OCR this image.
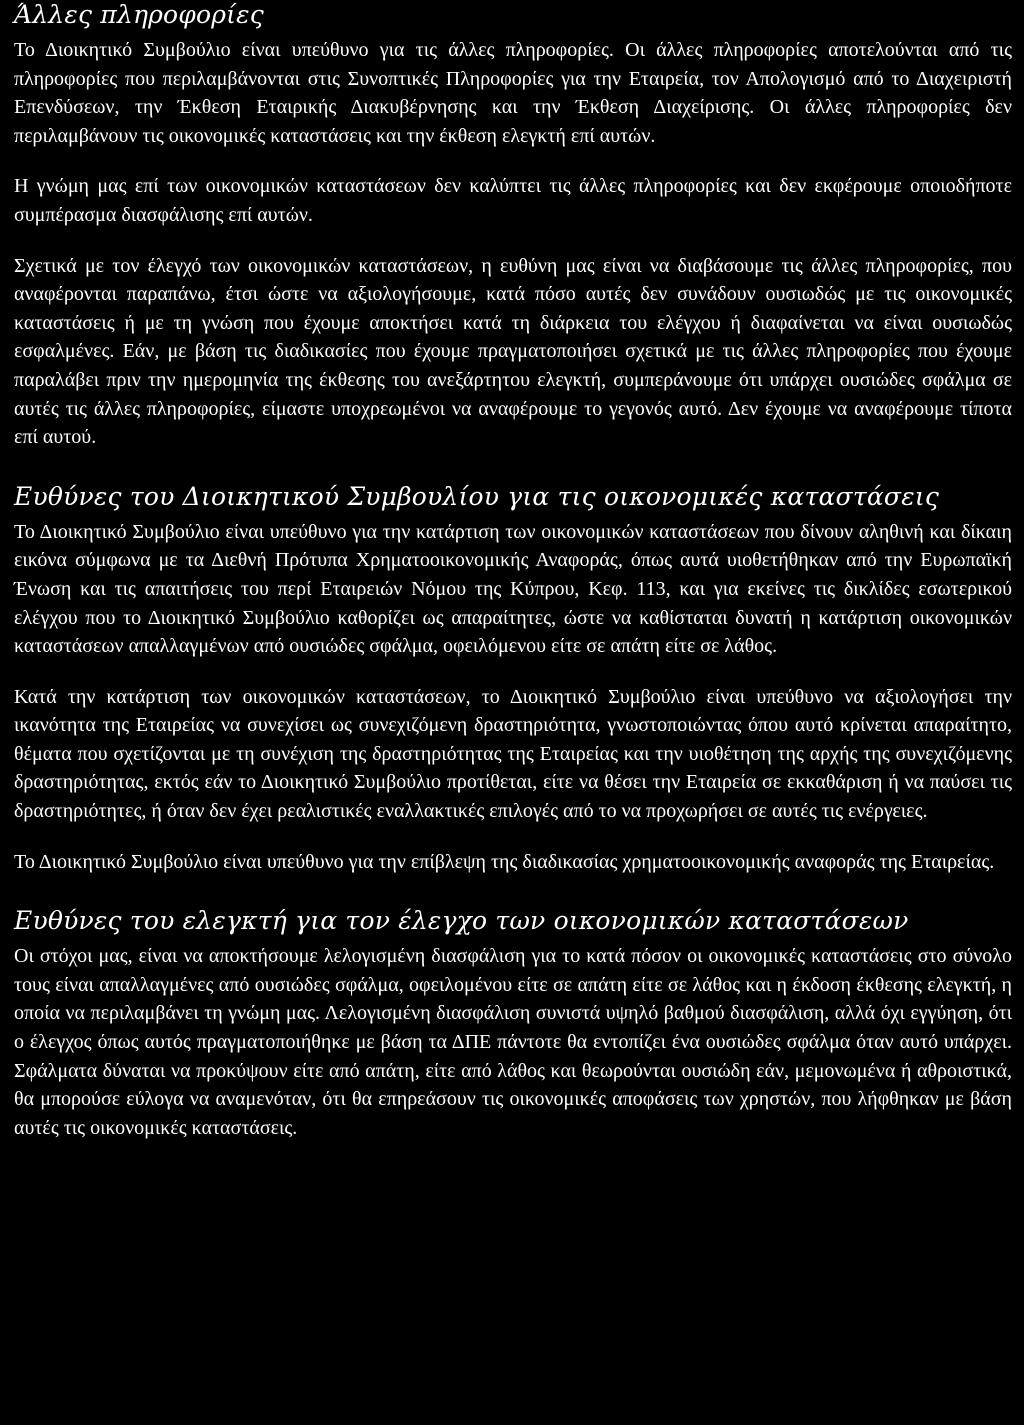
Άλλες πληροφορίες

Το Διοικητικό Συμβούλιο είναι υπεύθυνο για τις άλλες πληροφορίες. Οι άλλες πληροφορίες αποτελούνται από τις πληροφορίες που περιλαμβάνονται στις Συνοπτικές Πληροφορίες για την Εταιρεία, τον Απολογισμό από το Διαχειριστή Επενδύσεων, την Έκθεση Εταιρικής Διακυβέρνησης και την Έκθεση Διαχείρισης. Οι άλλες πληροφορίες δεν περιλαμβάνουν τις οικονομικές καταστάσεις και την έκθεση ελεγκτή επί αυτών.

Η γνώμη μας επί των οικονομικών καταστάσεων δεν καλύπτει τις άλλες πληροφορίες και δεν εκφέρουμε οποιοδήποτε συμπέρασμα διασφάλισης επί αυτών.

Σχετικά με τον έλεγχό των οικονομικών καταστάσεων, η ευθύνη μας είναι να διαβάσουμε τις άλλες πληροφορίες, που αναφέρονται παραπάνω, έτσι ώστε να αξιολογήσουμε, κατά πόσο αυτές δεν συνάδουν ουσιωδώς με τις οικονομικές καταστάσεις ή με τη γνώση που έχουμε αποκτήσει κατά τη διάρκεια του ελέγχου ή διαφαίνεται να είναι ουσιωδώς εσφαλμένες. Εάν, με βάση τις διαδικασίες που έχουμε πραγματοποιήσει σχετικά με τις άλλες πληροφορίες που έχουμε παραλάβει πριν την ημερομηνία της έκθεσης του ανεξάρτητου ελεγκτή, συμπεράνουμε ότι υπάρχει ουσιώδες σφάλμα σε αυτές τις άλλες πληροφορίες, είμαστε υποχρεωμένοι να αναφέρουμε το γεγονός αυτό. Δεν έχουμε να αναφέρουμε τίποτα επί αυτού.

Ευθύνες του Διοικητικού Συμβουλίου για τις οικονομικές καταστάσεις

Το Διοικητικό Συμβούλιο είναι υπεύθυνο για την κατάρτιση των οικονομικών καταστάσεων που δίνουν αληθινή και δίκαιη εικόνα σύμφωνα με τα Διεθνή Πρότυπα Χρηματοοικονομικής Αναφοράς, όπως αυτά υιοθετήθηκαν από την Ευρωπαϊκή Ένωση και τις απαιτήσεις του περί Εταιρειών Νόμου της Κύπρου, Κεφ. 113, και για εκείνες τις δικλίδες εσωτερικού ελέγχου που το Διοικητικό Συμβούλιο καθορίζει ως απαραίτητες, ώστε να καθίσταται δυνατή η κατάρτιση οικονομικών καταστάσεων απαλλαγμένων από ουσιώδες σφάλμα, οφειλόμενου είτε σε απάτη είτε σε λάθος.

Κατά την κατάρτιση των οικονομικών καταστάσεων, το Διοικητικό Συμβούλιο είναι υπεύθυνο να αξιολογήσει την ικανότητα της Εταιρείας να συνεχίσει ως συνεχιζόμενη δραστηριότητα, γνωστοποιώντας όπου αυτό κρίνεται απαραίτητο, θέματα που σχετίζονται με τη συνέχιση της δραστηριότητας της Εταιρείας και την υιοθέτηση της αρχής της συνεχιζόμενης δραστηριότητας, εκτός εάν το Διοικητικό Συμβούλιο προτίθεται, είτε να θέσει την Εταιρεία σε εκκαθάριση ή να παύσει τις δραστηριότητες, ή όταν δεν έχει ρεαλιστικές εναλλακτικές επιλογές από το να προχωρήσει σε αυτές τις ενέργειες.

Το Διοικητικό Συμβούλιο είναι υπεύθυνο για την επίβλεψη της διαδικασίας χρηματοοικονομικής αναφοράς της Εταιρείας.

Ευθύνες του ελεγκτή για τον έλεγχο των οικονομικών καταστάσεων

Οι στόχοι μας, είναι να αποκτήσουμε λελογισμένη διασφάλιση για το κατά πόσον οι οικονομικές καταστάσεις στο σύνολο τους είναι απαλλαγμένες από ουσιώδες σφάλμα, οφειλομένου είτε σε απάτη είτε σε λάθος και η έκδοση έκθεσης ελεγκτή, η οποία να περιλαμβάνει τη γνώμη μας. Λελογισμένη διασφάλιση συνιστά υψηλό βαθμού διασφάλιση, αλλά όχι εγγύηση, ότι ο έλεγχος όπως αυτός πραγματοποιήθηκε με βάση τα ΔΠΕ πάντοτε θα εντοπίζει ένα ουσιώδες σφάλμα όταν αυτό υπάρχει. Σφάλματα δύναται να προκύψουν είτε από απάτη, είτε από λάθος και θεωρούνται ουσιώδη εάν, μεμονωμένα ή αθροιστικά, θα μπορούσε εύλογα να αναμενόταν, ότι θα επηρεάσουν τις οικονομικές αποφάσεις των χρηστών, που λήφθηκαν με βάση αυτές τις οικονομικές καταστάσεις.
